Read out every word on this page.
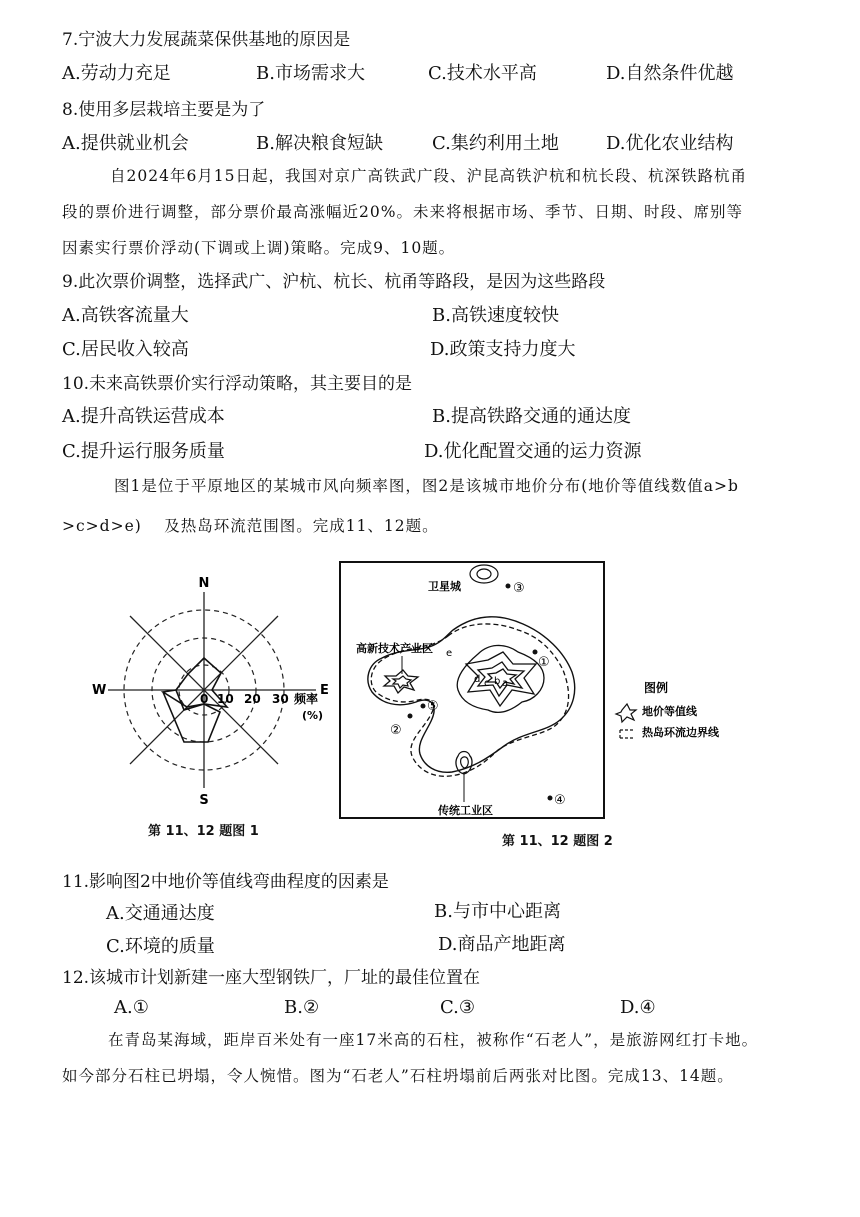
7.宁波大力发展蔬菜保供基地的原因是
A.劳动力充足	B.市场需求大	C.技术水平高	D.自然条件优越
8.使用多层栽培主要是为了
A.提供就业机会	B.解决粮食短缺	C.集约利用土地	D.优化农业结构
自2024年6月15日起，我国对京广高铁武广段、沪昆高铁沪杭和杭长段、杭深铁路杭甬
段的票价进行调整，部分票价最高涨幅近20%。未来将根据市场、季节、日期、时段、席别等
因素实行票价浮动(下调或上调)策略。完成9、10题。
9.此次票价调整，选择武广、沪杭、杭长、杭甬等路段，是因为这些路段
A.高铁客流量大	B.高铁速度较快
C.居民收入较高	D.政策支持力度大
10.未来高铁票价实行浮动策略，其主要目的是
A.提升高铁运营成本	B.提高铁路交通的通达度
C.提升运行服务质量	D.优化配置交通的运力资源
图1是位于平原地区的某城市风向频率图，图2是该城市地价分布(地价等值线数值a>b
>c>d>e)　 及热岛环流范围图。完成11、12题。
N
S
W	E
0 10 20 30 频率
(%)
第 11、12 题图 1
卫星城	③
高新技术产业区
传统工业区
a
b
c
d
e
①
②
⑤
④
图例
地价等值线
热岛环流边界线
第 11、12 题图 2
11.影响图2中地价等值线弯曲程度的因素是
A.交通通达度	B.与市中心距离
C.环境的质量	D.商品产地距离
12.该城市计划新建一座大型钢铁厂，厂址的最佳位置在
A.①	B.②	C.③	D.④
在青岛某海域，距岸百米处有一座17米高的石柱，被称作“石老人”，是旅游网红打卡地。
如今部分石柱已坍塌，令人惋惜。图为“石老人”石柱坍塌前后两张对比图。完成13、14题。
